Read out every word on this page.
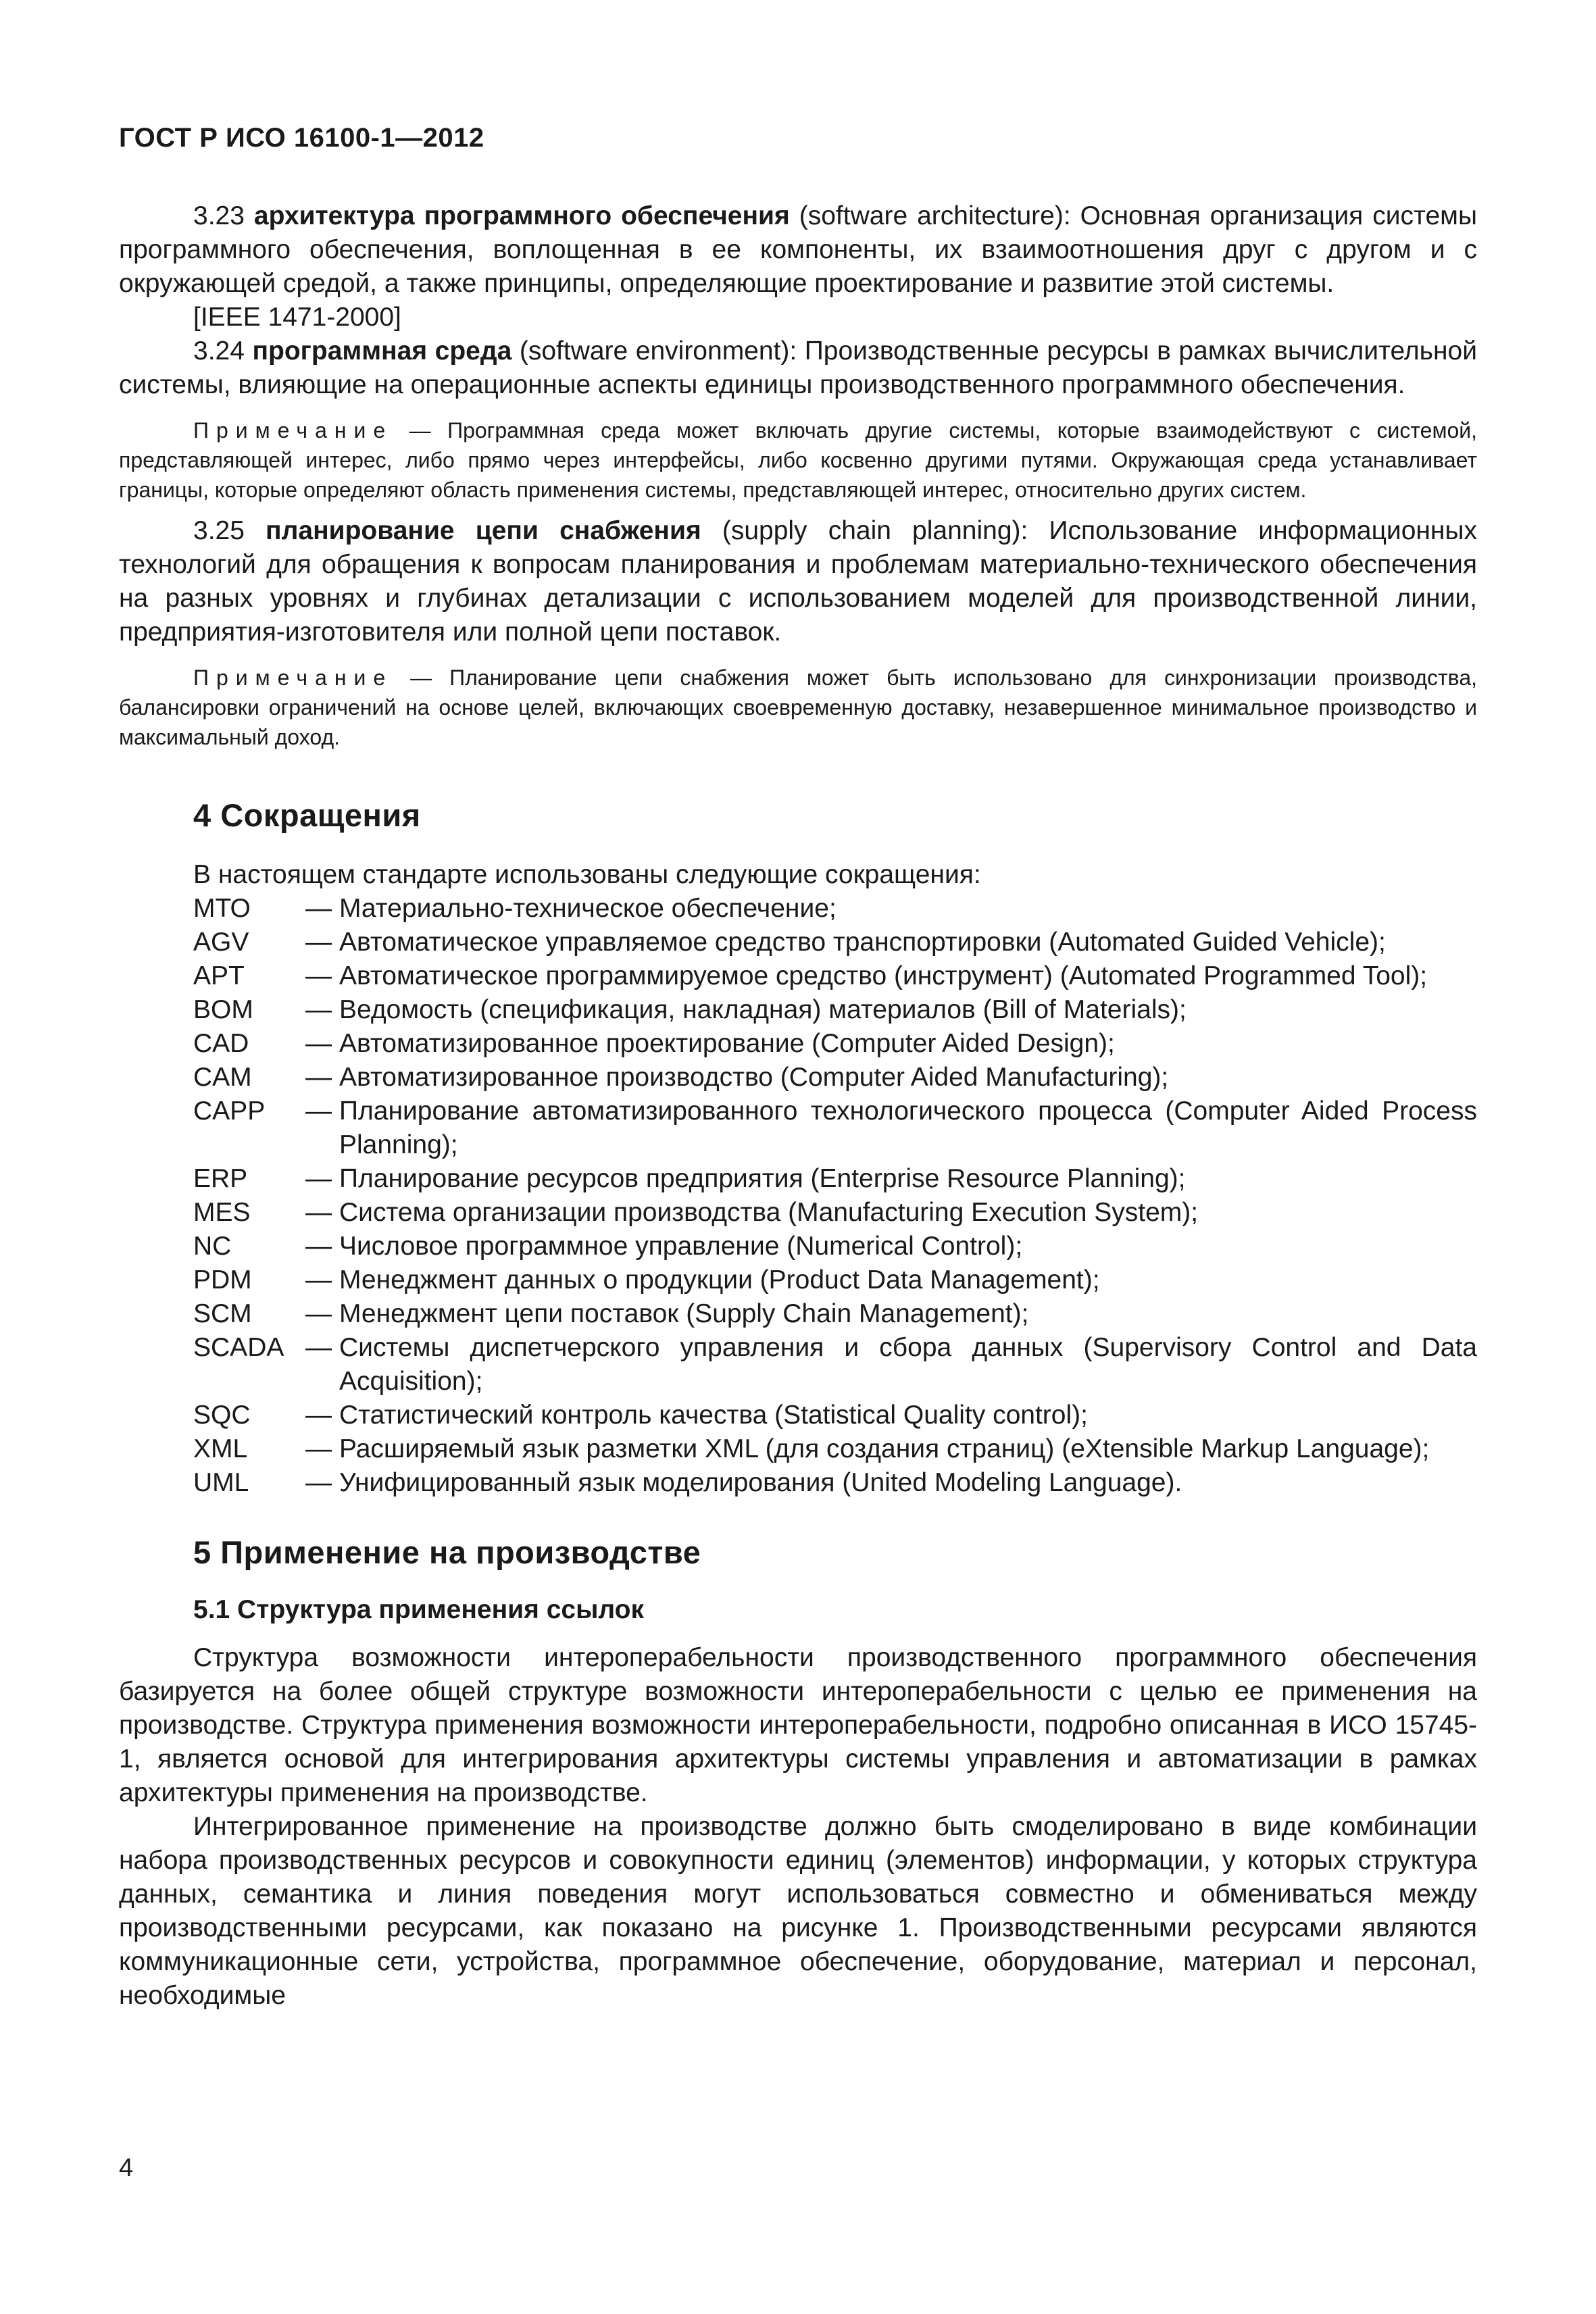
ГОСТ Р ИСО 16100-1—2012

3.23 архитектура программного обеспечения (software architecture): Основная организация системы программного обеспечения, воплощенная в ее компоненты, их взаимоотношения друг с другом и с окружающей средой, а также принципы, определяющие проектирование и развитие этой системы.

[IEEE 1471-2000]

3.24 программная среда (software environment): Производственные ресурсы в рамках вычислительной системы, влияющие на операционные аспекты единицы производственного программного обеспечения.

Примечание — Программная среда может включать другие системы, которые взаимодействуют с системой, представляющей интерес, либо прямо через интерфейсы, либо косвенно другими путями. Окружающая среда устанавливает границы, которые определяют область применения системы, представляющей интерес, относительно других систем.

3.25 планирование цепи снабжения (supply chain planning): Использование информационных технологий для обращения к вопросам планирования и проблемам материально-технического обеспечения на разных уровнях и глубинах детализации с использованием моделей для производственной линии, предприятия-изготовителя или полной цепи поставок.

Примечание — Планирование цепи снабжения может быть использовано для синхронизации производства, балансировки ограничений на основе целей, включающих своевременную доставку, незавершенное минимальное производство и максимальный доход.

4 Сокращения

В настоящем стандарте использованы следующие сокращения:

МТО	— Материально-техническое обеспечение;
AGV	— Автоматическое управляемое средство транспортировки (Automated Guided Vehicle);
APT	— Автоматическое программируемое средство (инструмент) (Automated Programmed Tool);
BOM	— Ведомость (спецификация, накладная) материалов (Bill of Materials);
CAD	— Автоматизированное проектирование (Computer Aided Design);
CAM	— Автоматизированное производство (Computer Aided Manufacturing);
CAPP	— Планирование автоматизированного технологического процесса (Computer Aided Process Planning);
ERP	— Планирование ресурсов предприятия (Enterprise Resource Planning);
MES	— Система организации производства (Manufacturing Execution System);
NC	— Числовое программное управление (Numerical Control);
PDM	— Менеджмент данных о продукции (Product Data Management);
SCM	— Менеджмент цепи поставок (Supply Chain Management);
SCADA — Системы диспетчерского управления и сбора данных (Supervisory Control and Data Acquisition);
SQC	— Статистический контроль качества (Statistical Quality control);
XML	— Расширяемый язык разметки XML (для создания страниц) (eXtensible Markup Language);
UML	— Унифицированный язык моделирования (United Modeling Language).
5 Применение на производстве
5.1 Структура применения ссылок

Структура возможности интероперабельности производственного программного обеспечения базируется на более общей структуре возможности интероперабельности с целью ее применения на производстве. Структура применения возможности интероперабельности, подробно описанная в ИСО 15745-1, является основой для интегрирования архитектуры системы управления и автоматизации в рамках архитектуры применения на производстве.

Интегрированное применение на производстве должно быть смоделировано в виде комбинации набора производственных ресурсов и совокупности единиц (элементов) информации, у которых структура данных, семантика и линия поведения могут использоваться совместно и обмениваться между производственными ресурсами, как показано на рисунке 1. Производственными ресурсами являются коммуникационные сети, устройства, программное обеспечение, оборудование, материал и персонал, необходимые

4
